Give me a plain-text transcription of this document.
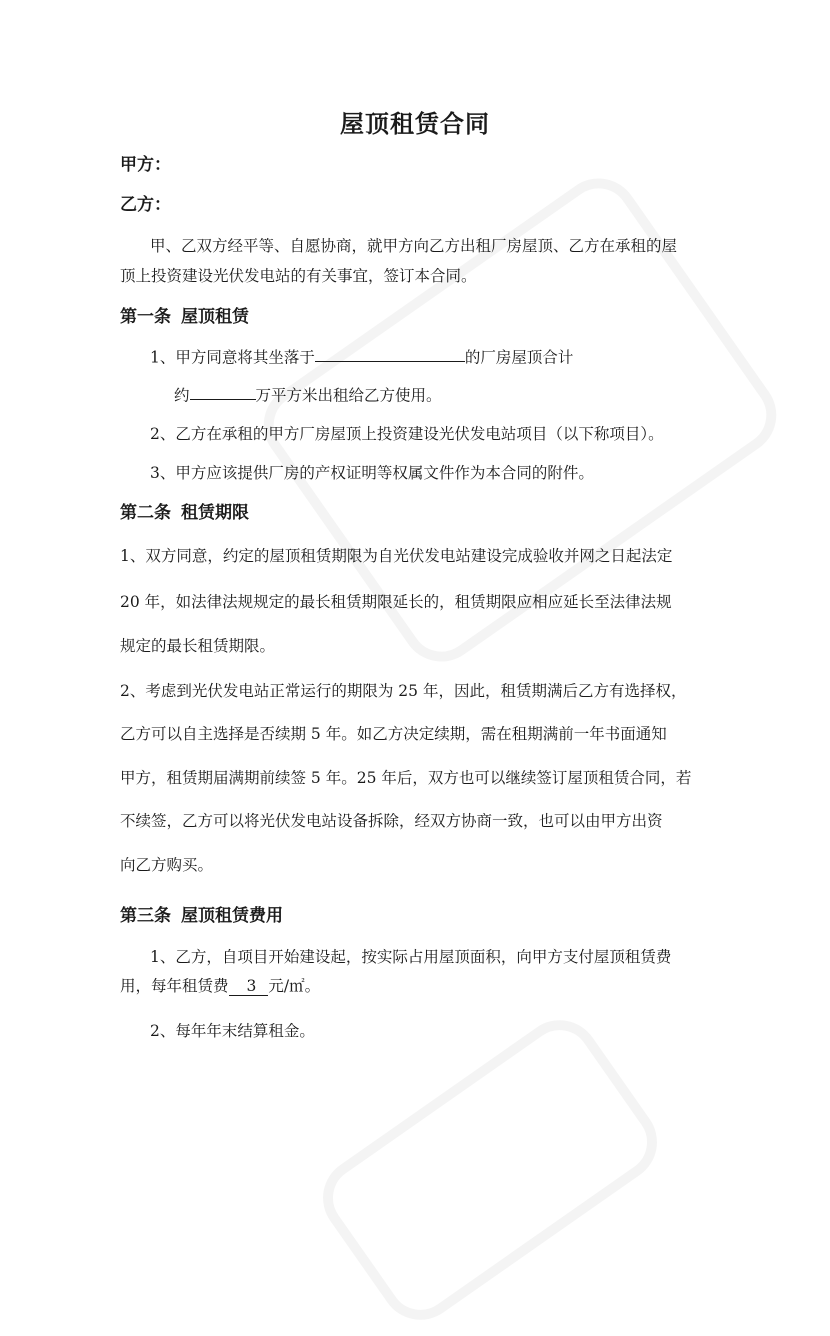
屋顶租赁合同
甲方：
乙方：
甲、乙双方经平等、自愿协商，就甲方向乙方出租厂房屋顶、乙方在承租的屋
顶上投资建设光伏发电站的有关事宜，签订本合同。
第一条 屋顶租赁
1、甲方同意将其坐落于	的厂房屋顶合计
约	万平方米出租给乙方使用。
2、乙方在承租的甲方厂房屋顶上投资建设光伏发电站项目（以下称项目）。
3、甲方应该提供厂房的产权证明等权属文件作为本合同的附件。
第二条 租赁期限
1、双方同意，约定的屋顶租赁期限为自光伏发电站建设完成验收并网之日起法定
20 年，如法律法规规定的最长租赁期限延长的，租赁期限应相应延长至法律法规
规定的最长租赁期限。
2、考虑到光伏发电站正常运行的期限为 25 年，因此，租赁期满后乙方有选择权，
乙方可以自主选择是否续期 5 年。如乙方决定续期，需在租期满前一年书面通知
甲方，租赁期届满期前续签 5 年。25 年后，双方也可以继续签订屋顶租赁合同，若
不续签，乙方可以将光伏发电站设备拆除，经双方协商一致，也可以由甲方出资
向乙方购买。
第三条 屋顶租赁费用
1、乙方，自项目开始建设起，按实际占用屋顶面积，向甲方支付屋顶租赁费
用，每年租赁费 3 元/㎡。
2、每年年末结算租金。
